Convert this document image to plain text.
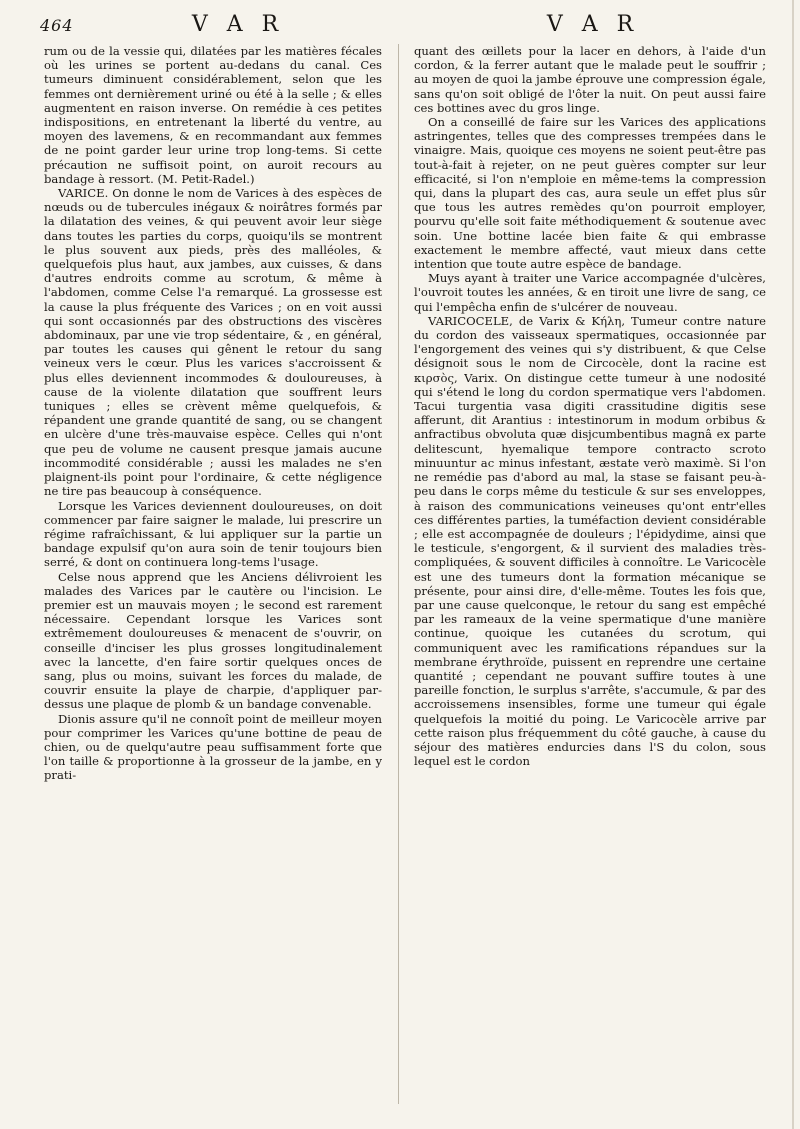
464	V A R	V A R

rum ou de la vessie qui, dilatées par les matières fécales où les urines se portent au-dedans du canal. Ces tumeurs diminuent considérablement, selon que les femmes ont dernièrement uriné ou été à la selle ; & elles augmentent en raison inverse. On remédie à ces petites indispositions, en entretenant la liberté du ventre, au moyen des lavemens, & en recommandant aux femmes de ne point garder leur urine trop long-tems. Si cette précaution ne suffisoit point, on auroit recours au bandage à ressort. (M. Petit-Radel.)

VARICE. On donne le nom de Varices à des espèces de nœuds ou de tubercules inégaux & noirâtres formés par la dilatation des veines, & qui peuvent avoir leur siège dans toutes les parties du corps, quoiqu'ils se montrent le plus souvent aux pieds, près des malléoles, & quelquefois plus haut, aux jambes, aux cuisses, & dans d'autres endroits comme au scrotum, & même à l'abdomen, comme Celse l'a remarqué. La grossesse est la cause la plus fréquente des Varices ; on en voit aussi qui sont occasionnés par des obstructions des viscères abdominaux, par une vie trop sédentaire, & , en général, par toutes les causes qui gênent le retour du sang veineux vers le cœur. Plus les varices s'accroissent & plus elles deviennent incommodes & douloureuses, à cause de la violente dilatation que souffrent leurs tuniques ; elles se crèvent même quelquefois, & répandent une grande quantité de sang, ou se changent en ulcère d'une très-mauvaise espèce. Celles qui n'ont que peu de volume ne causent presque jamais aucune incommodité considérable ; aussi les malades ne s'en plaignent-ils point pour l'ordinaire, & cette négligence ne tire pas beaucoup à conséquence.

Lorsque les Varices deviennent douloureuses, on doit commencer par faire saigner le malade, lui prescrire un régime rafraîchissant, & lui appliquer sur la partie un bandage expulsif qu'on aura soin de tenir toujours bien serré, & dont on continuera long-tems l'usage.

Celse nous apprend que les Anciens délivroient les malades des Varices par le cautère ou l'incision. Le premier est un mauvais moyen ; le second est rarement nécessaire. Cependant lorsque les Varices sont extrêmement douloureuses & menacent de s'ouvrir, on conseille d'inciser les plus grosses longitudinalement avec la lancette, d'en faire sortir quelques onces de sang, plus ou moins, suivant les forces du malade, de couvrir ensuite la playe de charpie, d'appliquer par-dessus une plaque de plomb & un bandage convenable.

Dionis assure qu'il ne connoît point de meilleur moyen pour comprimer les Varices qu'une bottine de peau de chien, ou de quelqu'autre peau suffisamment forte que l'on taille & proportionne à la grosseur de la jambe, en y prati-

quant des œillets pour la lacer en dehors, à l'aide d'un cordon, & la ferrer autant que le malade peut le souffrir ; au moyen de quoi la jambe éprouve une compression égale, sans qu'on soit obligé de l'ôter la nuit. On peut aussi faire ces bottines avec du gros linge.

On a conseillé de faire sur les Varices des applications astringentes, telles que des compresses trempées dans le vinaigre. Mais, quoique ces moyens ne soient peut-être pas tout-à-fait à rejeter, on ne peut guères compter sur leur efficacité, si l'on n'emploie en même-tems la compression qui, dans la plupart des cas, aura seule un effet plus sûr que tous les autres remèdes qu'on pourroit employer, pourvu qu'elle soit faite méthodiquement & soutenue avec soin. Une bottine lacée bien faite & qui embrasse exactement le membre affecté, vaut mieux dans cette intention que toute autre espèce de bandage.

Muys ayant à traiter une Varice accompagnée d'ulcères, l'ouvroit toutes les années, & en tiroit une livre de sang, ce qui l'empêcha enfin de s'ulcérer de nouveau.

VARICOCELE, de Varix & Κήλη, Tumeur contre nature du cordon des vaisseaux spermatiques, occasionnée par l'engorgement des veines qui s'y distribuent, & que Celse désignoit sous le nom de Circocèle, dont la racine est κιρσὸς, Varix. On distingue cette tumeur à une nodosité qui s'étend le long du cordon spermatique vers l'abdomen. Tacui turgentia vasa digiti crassitudine digitis sese afferunt, dit Arantius : intestinorum in modum orbibus & anfractibus obvoluta quæ disjcumbentibus magnâ ex parte delitescunt, hyemalique tempore contracto scroto minuuntur ac minus infestant, æstate verò maximè. Si l'on ne remédie pas d'abord au mal, la stase se faisant peu-à-peu dans le corps même du testicule & sur ses enveloppes, à raison des communications veineuses qu'ont entr'elles ces différentes parties, la tuméfaction devient considérable ; elle est accompagnée de douleurs ; l'épidydime, ainsi que le testicule, s'engorgent, & il survient des maladies très-compliquées, & souvent difficiles à connoître. Le Varicocèle est une des tumeurs dont la formation mécanique se présente, pour ainsi dire, d'elle-même. Toutes les fois que, par une cause quelconque, le retour du sang est empêché par les rameaux de la veine spermatique d'une manière continue, quoique les cutanées du scrotum, qui communiquent avec les ramifications répandues sur la membrane érythroïde, puissent en reprendre une certaine quantité ; cependant ne pouvant suffire toutes à une pareille fonction, le surplus s'arrête, s'accumule, & par des accroissemens insensibles, forme une tumeur qui égale quelquefois la moitié du poing. Le Varicocèle arrive par cette raison plus fréquemment du côté gauche, à cause du séjour des matières endurcies dans l'S du colon, sous lequel est le cordon
